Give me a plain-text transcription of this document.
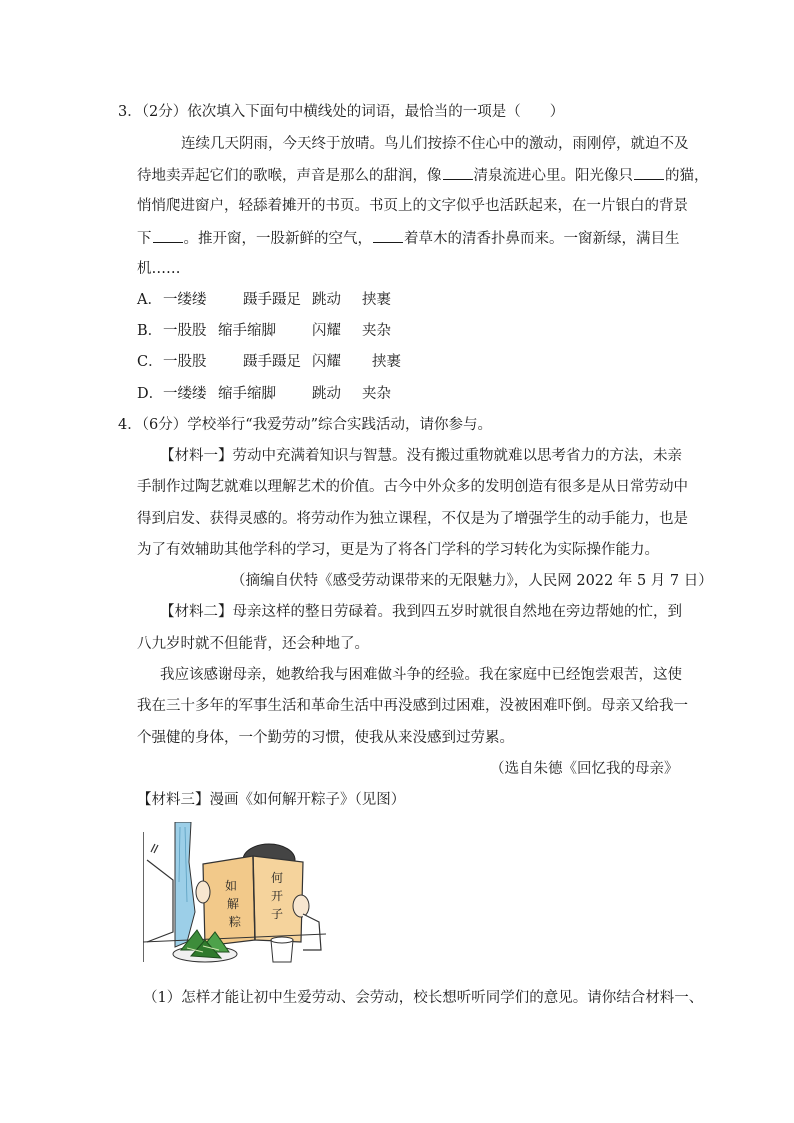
3．（2分）依次填入下面句中横线处的词语，最恰当的一项是（　　）
连续几天阴雨，今天终于放晴。鸟儿们按捺不住心中的激动，雨刚停，就迫不及
待地卖弄起它们的歌喉，声音是那么的甜润，像 清泉流进心里。阳光像只 的猫，
悄悄爬进窗户，轻舔着摊开的书页。书页上的文字似乎也活跃起来，在一片银白的背景
下 。推开窗，一股新鲜的空气， 着草木的清香扑鼻而来。一窗新绿，满目生
机……
A．一缕缕	蹑手蹑足 跳动 挟裹
B．一股股 缩手缩脚 闪耀 夹杂
C．一股股	蹑手蹑足 闪耀 挟裹
D．一缕缕 缩手缩脚 跳动 夹杂
4．（6分）学校举行“我爱劳动”综合实践活动，请你参与。
【材料一】劳动中充满着知识与智慧。没有搬过重物就难以思考省力的方法，未亲
手制作过陶艺就难以理解艺术的价值。古今中外众多的发明创造有很多是从日常劳动中
得到启发、获得灵感的。将劳动作为独立课程，不仅是为了增强学生的动手能力，也是
为了有效辅助其他学科的学习，更是为了将各门学科的学习转化为实际操作能力。
（摘编自伏特《感受劳动课带来的无限魅力》，人民网 2022 年 5 月 7 日）
【材料二】母亲这样的整日劳碌着。我到四五岁时就很自然地在旁边帮她的忙，到
八九岁时就不但能背，还会种地了。
我应该感谢母亲，她教给我与困难做斗争的经验。我在家庭中已经饱尝艰苦，这使
我在三十多年的军事生活和革命生活中再没感到过困难，没被困难吓倒。母亲又给我一
个强健的身体，一个勤劳的习惯，使我从来没感到过劳累。
（选自朱德《回忆我的母亲》
【材料三】漫画《如何解开粽子》（见图）
如
解
粽
何
开
子
（1）怎样才能让初中生爱劳动、会劳动，校长想听听同学们的意见。请你结合材料一、
